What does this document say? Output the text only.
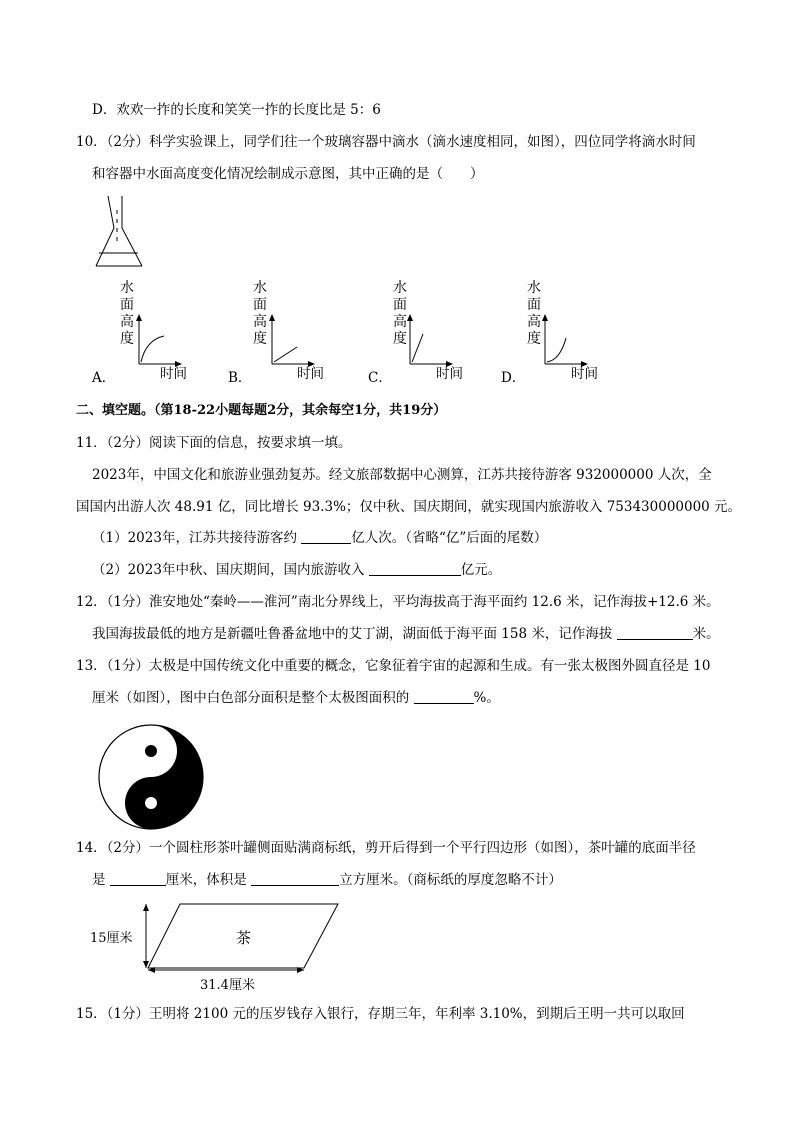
D．欢欢一拃的长度和笑笑一拃的长度比是 5：6
10．（2分）科学实验课上，同学们往一个玻璃容器中滴水（滴水速度相同，如图），四位同学将滴水时间
和容器中水面高度变化情况绘制成示意图，其中正确的是（　　）
水
面
高
度
时间
A．
水
面
高
度
时间
B．
水
面
高
度
时间
C．
水
面
高
度
时间
D．
二、填空题。（第18-22小题每题2分，其余每空1分，共19分）
11．（2分）阅读下面的信息，按要求填一填。
2023年，中国文化和旅游业强劲复苏。经文旅部数据中心测算，江苏共接待游客 932000000 人次，全
国国内出游人次 48.91 亿，同比增长 93.3%；仅中秋、国庆期间，就实现国内旅游收入 753430000000 元。
（1）2023年，江苏共接待游客约	亿人次。（省略“亿”后面的尾数）
（2）2023年中秋、国庆期间，国内旅游收入	亿元。
12．（1分）淮安地处“秦岭——淮河”南北分界线上，平均海拔高于海平面约 12.6 米，记作海拔+12.6 米。
我国海拔最低的地方是新疆吐鲁番盆地中的艾丁湖，湖面低于海平面 158 米，记作海拔	米。
13．（1分）太极是中国传统文化中重要的概念，它象征着宇宙的起源和生成。有一张太极图外圆直径是 10
厘米（如图），图中白色部分面积是整个太极图面积的	%。
14．（2分）一个圆柱形茶叶罐侧面贴满商标纸，剪开后得到一个平行四边形（如图），茶叶罐的底面半径
是	厘米，体积是	立方厘米。（商标纸的厚度忽略不计）
15厘米	茶
31.4厘米
15．（1分）王明将 2100 元的压岁钱存入银行，存期三年，年利率 3.10%，到期后王明一共可以取回
